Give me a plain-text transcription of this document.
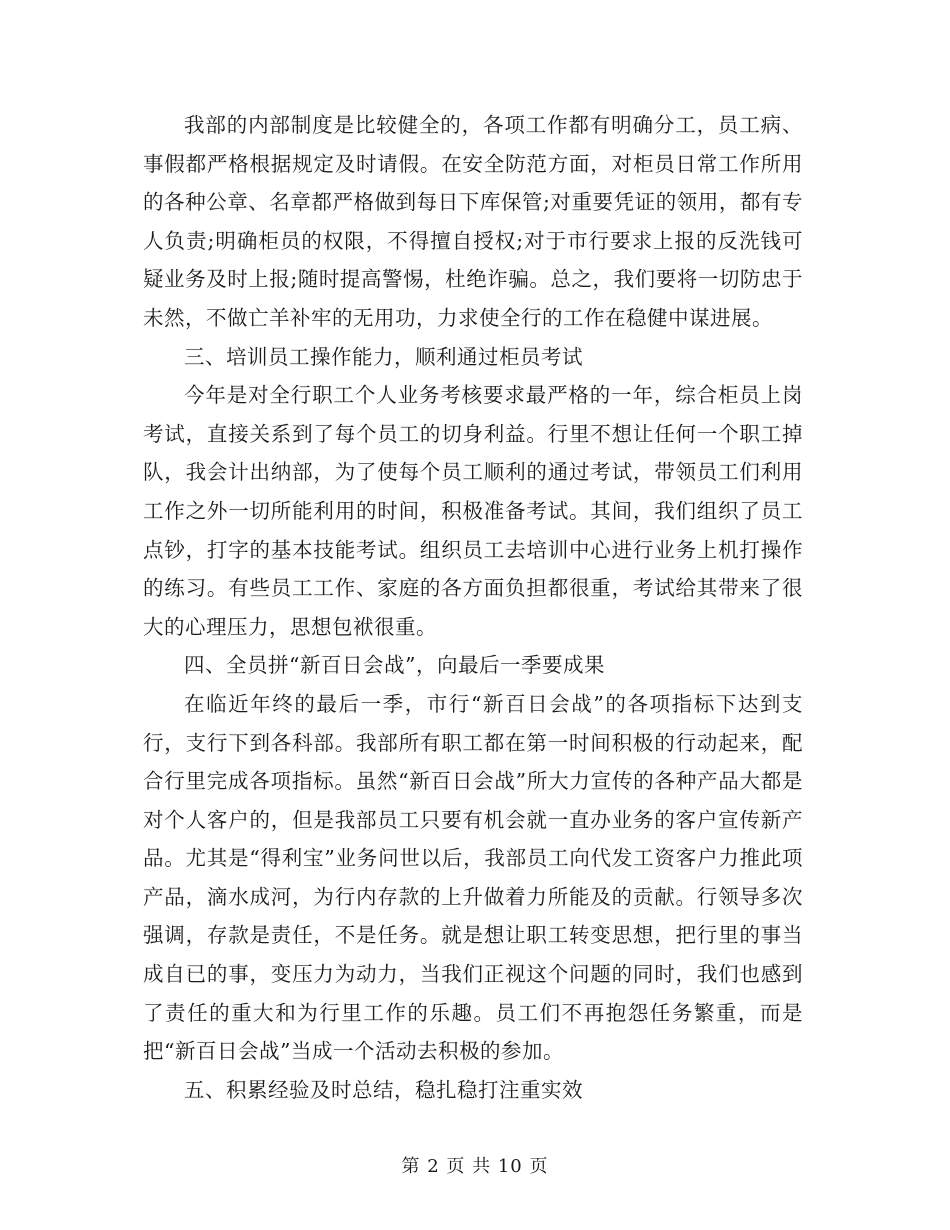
我部的内部制度是比较健全的，各项工作都有明确分工，员工病、事假都严格根据规定及时请假。在安全防范方面，对柜员日常工作所用的各种公章、名章都严格做到每日下库保管;对重要凭证的领用，都有专人负责;明确柜员的权限，不得擅自授权;对于市行要求上报的反洗钱可疑业务及时上报;随时提高警惕，杜绝诈骗。总之，我们要将一切防忠于未然，不做亡羊补牢的无用功，力求使全行的工作在稳健中谋进展。

三、培训员工操作能力，顺利通过柜员考试

今年是对全行职工个人业务考核要求最严格的一年，综合柜员上岗考试，直接关系到了每个员工的切身利益。行里不想让任何一个职工掉队，我会计出纳部，为了使每个员工顺利的通过考试，带领员工们利用工作之外一切所能利用的时间，积极准备考试。其间，我们组织了员工点钞，打字的基本技能考试。组织员工去培训中心进行业务上机打操作的练习。有些员工工作、家庭的各方面负担都很重，考试给其带来了很大的心理压力，思想包袱很重。

四、全员拼“新百日会战”，向最后一季要成果

在临近年终的最后一季，市行“新百日会战”的各项指标下达到支行，支行下到各科部。我部所有职工都在第一时间积极的行动起来，配合行里完成各项指标。虽然“新百日会战”所大力宣传的各种产品大都是对个人客户的，但是我部员工只要有机会就一直办业务的客户宣传新产品。尤其是“得利宝”业务问世以后，我部员工向代发工资客户力推此项产品，滴水成河，为行内存款的上升做着力所能及的贡献。行领导多次强调，存款是责任，不是任务。就是想让职工转变思想，把行里的事当成自已的事，变压力为动力，当我们正视这个问题的同时，我们也感到了责任的重大和为行里工作的乐趣。员工们不再抱怨任务繁重，而是把“新百日会战”当成一个活动去积极的参加。

五、积累经验及时总结，稳扎稳打注重实效

第 2 页 共 10 页
